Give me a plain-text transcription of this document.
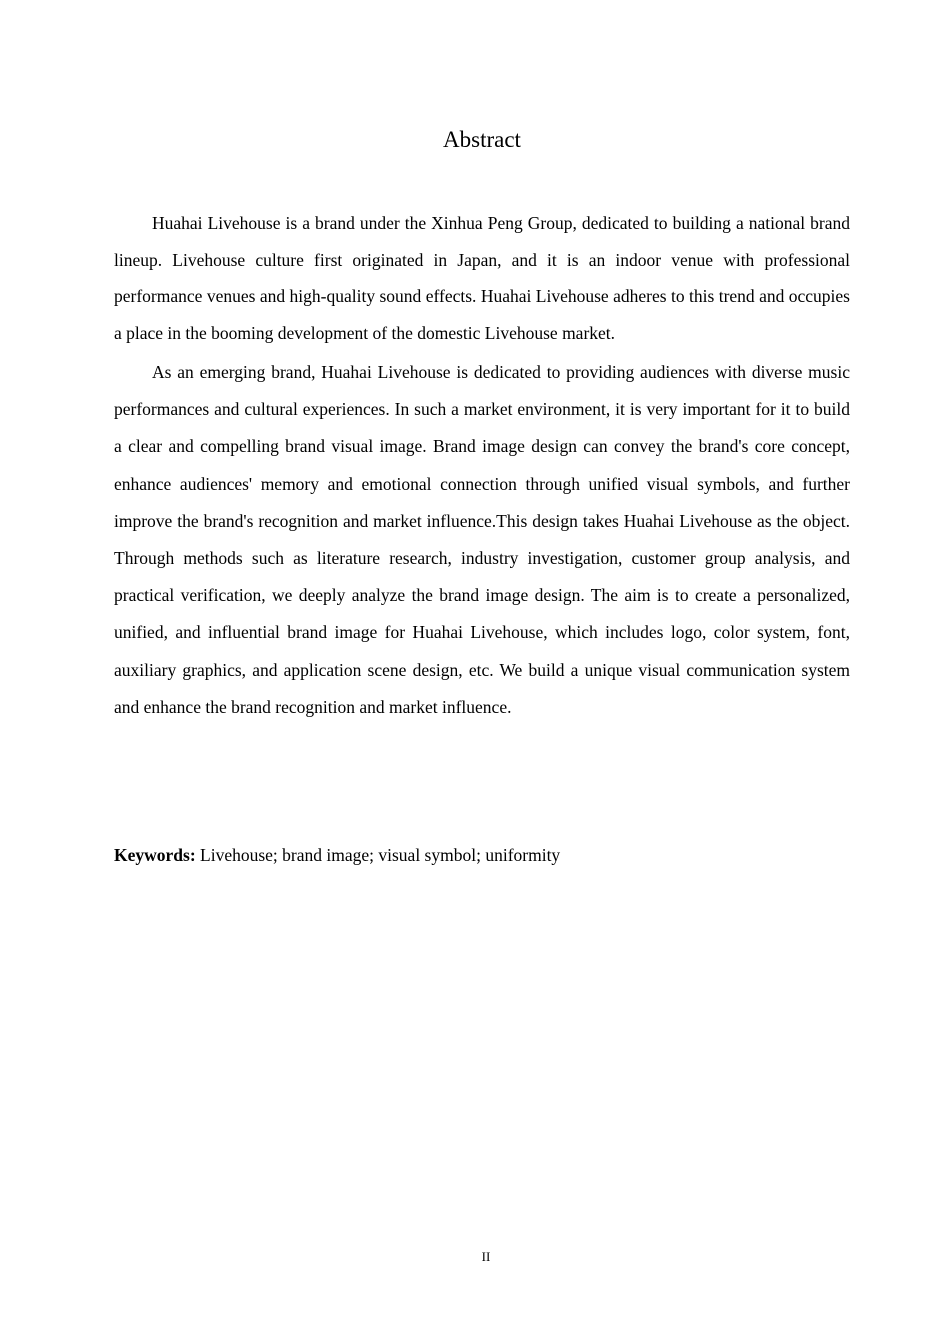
Abstract

Huahai Livehouse is a brand under the Xinhua Peng Group, dedicated to building a national brand lineup. Livehouse culture first originated in Japan, and it is an indoor venue with professional performance venues and high-quality sound effects. Huahai Livehouse adheres to this trend and occupies a place in the booming development of the domestic Livehouse market.

As an emerging brand, Huahai Livehouse is dedicated to providing audiences with diverse music performances and cultural experiences. In such a market environment, it is very important for it to build a clear and compelling brand visual image. Brand image design can convey the brand's core concept, enhance audiences' memory and emotional connection through unified visual symbols, and further improve the brand's recognition and market influence.This design takes Huahai Livehouse as the object. Through methods such as literature research, industry investigation, customer group analysis, and practical verification, we deeply analyze the brand image design. The aim is to create a personalized, unified, and influential brand image for Huahai Livehouse, which includes logo, color system, font, auxiliary graphics, and application scene design, etc. We build a unique visual communication system and enhance the brand recognition and market influence.

Keywords: Livehouse; brand image; visual symbol; uniformity

II
